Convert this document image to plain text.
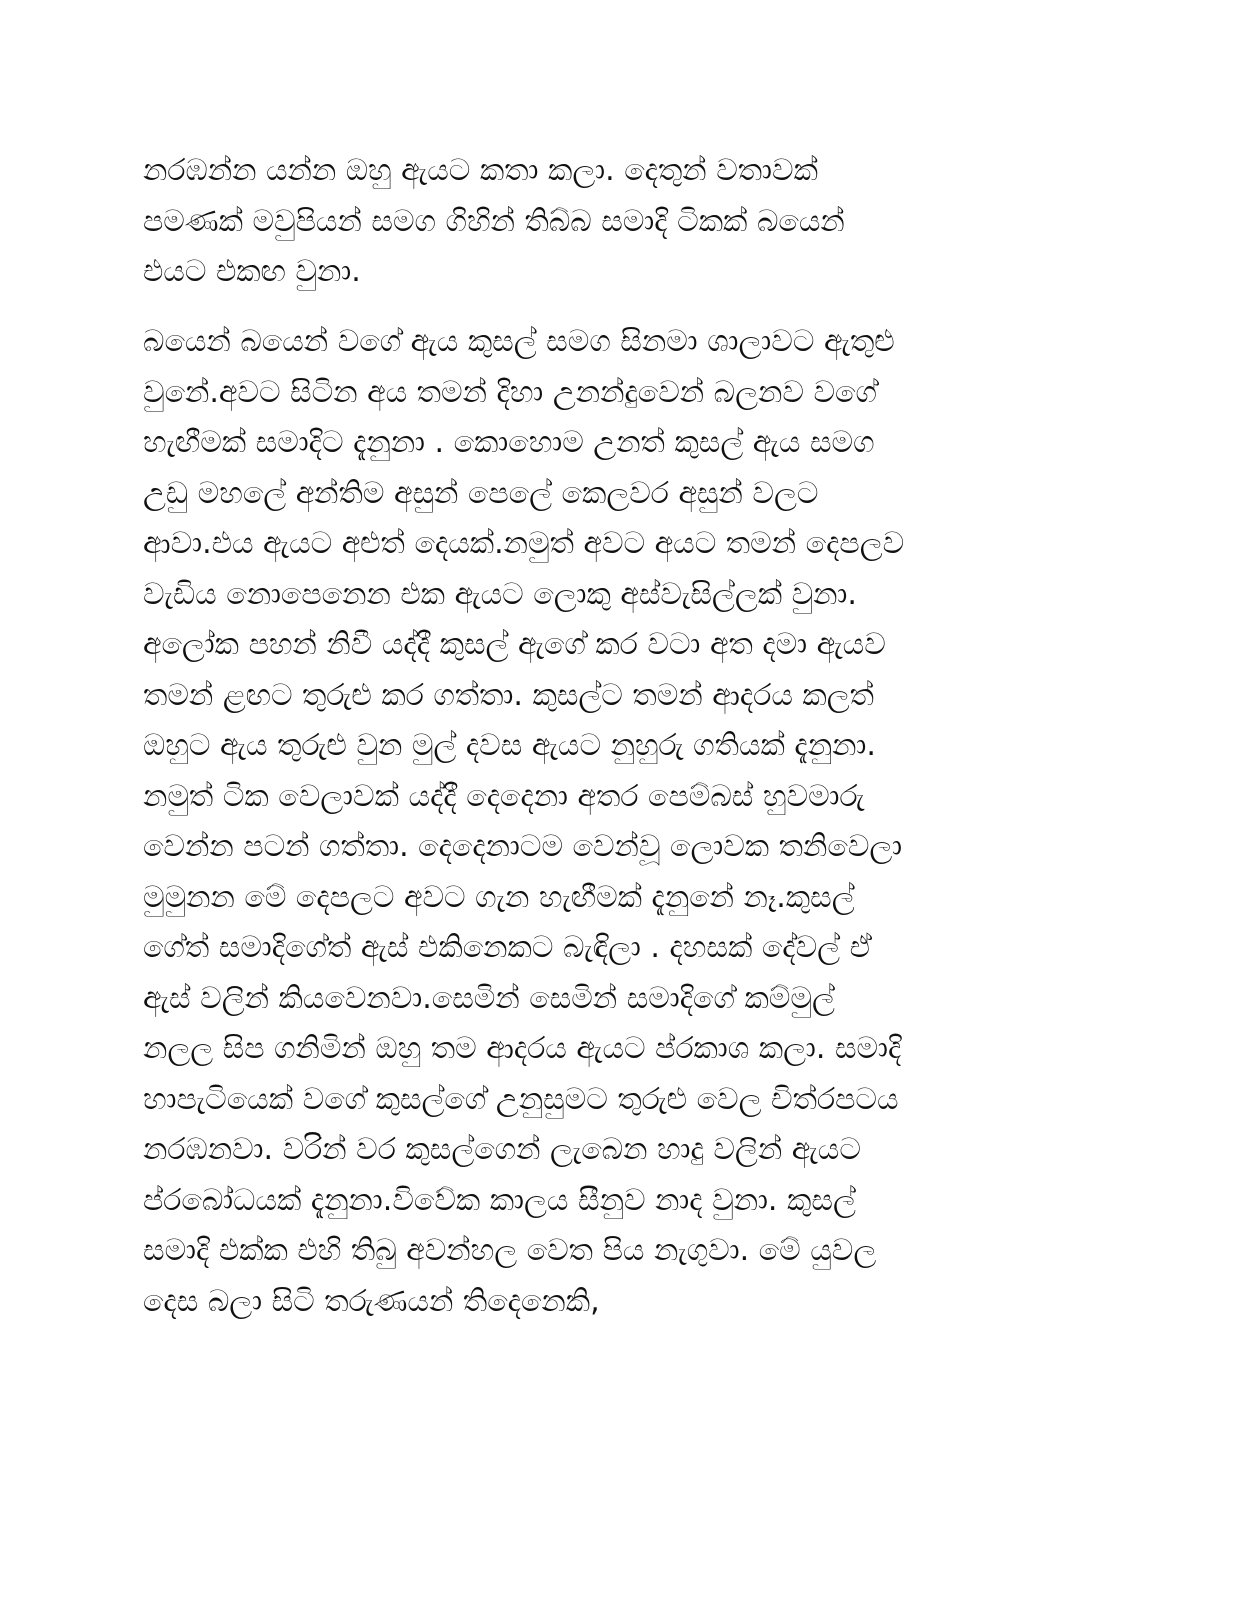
නරඹන්න යන්න ඔහු ඇයට කතා කලා. දෙතුන් වතාවක්
පමණක් මවුපියන් සමග ගිහින් තිබ්බ සමාදි ටිකක් බයෙන්
එයට එකඟ වුනා.
බයෙන් බයෙන් වගේ ඇය කුසල් සමග සිනමා ශාලාවට ඇතුළු
වුනේ.අවට සිටින අය තමන් දිහා උනන්දුවෙන් බලනව වගේ
හැඟීමක් සමාදිට දැනුනා . කොහොම උනත් කුසල් ඇය සමග
උඩු මහලේ අන්තිම අසුන් පෙලේ කෙලවර අසුන් වලට
ආවා.එය ඇයට අළුත් දෙයක්.නමුත් අවට අයට තමන් දෙපලව
වැඩිය නොපෙනෙන එක ඇයට ලොකු අස්වැසිල්ලක් වුනා.
අලෝක පහන් නිවී යද්දී කුසල් ඇගේ කර වටා අත දමා ඇයව
තමන් ළඟට තුරුළු කර ගත්තා. කුසල්ට තමන් ආදරය කලත්
ඔහුට ඇය තුරුළු වුන මුල් දවස ඇයට නුහුරු ගතියක් දැනුනා.
නමුත් ටික වෙලාවක් යද්දී දෙදෙනා අතර පෙම්බස් හුවමාරු
වෙන්න පටන් ගත්තා. දෙදෙනාටම වෙන්වූ ලොවක තනිවෙලා
මුමුනන මේ දෙපලට අවට ගැන හැඟීමක් දැනුනේ නෑ.කුසල්
ගේත් සමාදිගේත් ඇස් එකිනෙකට බැඳිලා . දහසක් දේවල් ඒ
ඇස් වලින් කියවෙනවා.සෙමින් සෙමින් සමාදිගේ කම්මුල්
නලල සිප ගනිමින් ඔහු තම ආදරය ඇයට ප්රකාශ කලා. සමාදි
හාපැටියෙක් වගේ කුසල්ගේ උනුසුමට තුරුළු වෙල චිත්රපටය
නරඹනවා. වරින් වර කුසල්ගෙන් ලැබෙන හාදු වලින් ඇයට
ප්රබෝධයක් දැනුනා.විවේක කාලය සීනුව නාද වුනා. කුසල්
සමාදි එක්ක එහි තිබු අවන්හල වෙත පිය නැගුවා. මේ යුවල
දෙස බලා සිටි තරුණයන් තිදෙනෙකි,
